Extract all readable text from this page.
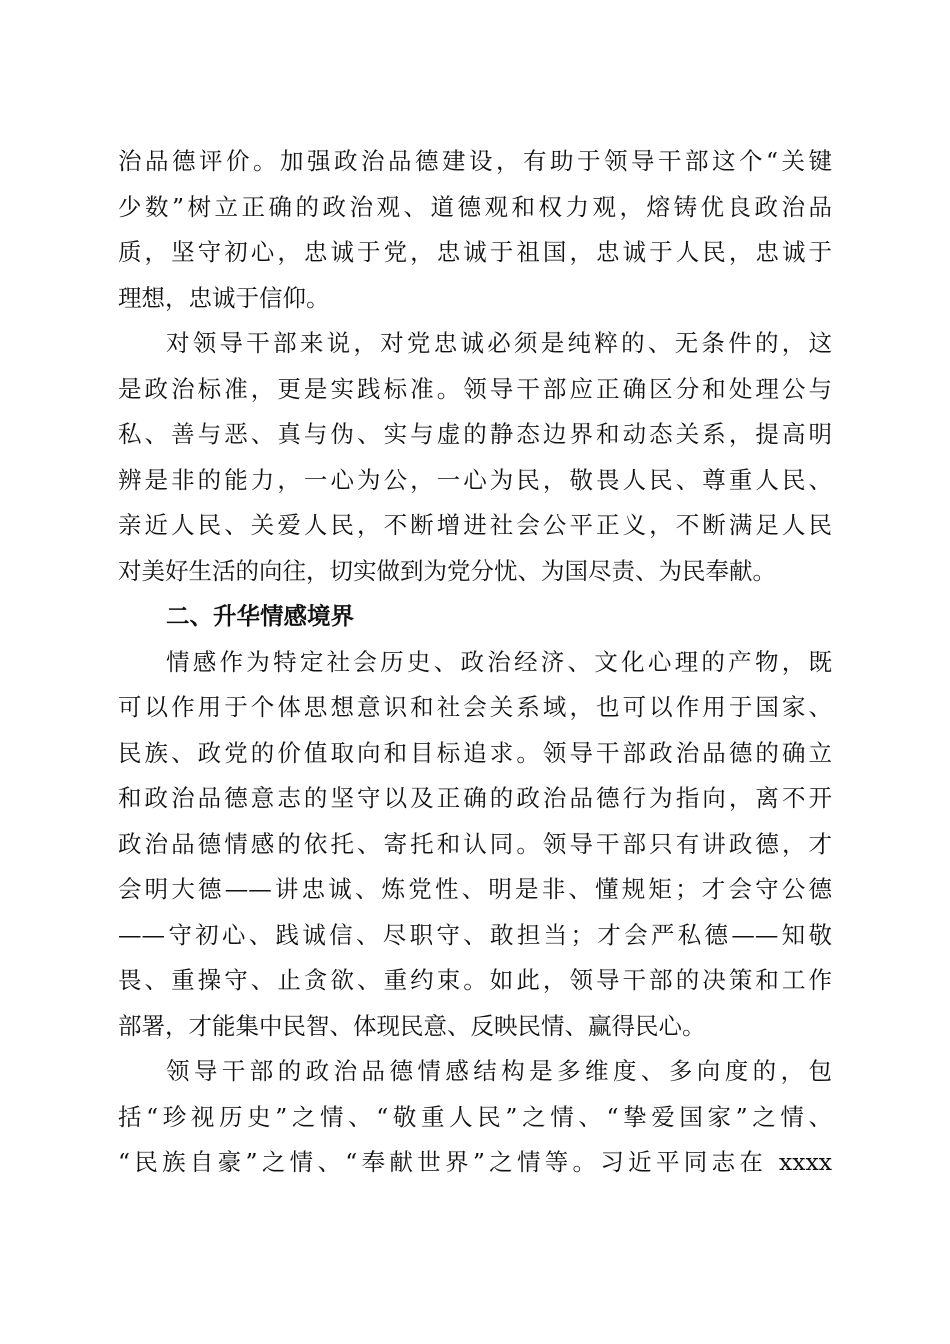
治品德评价。加强政治品德建设，有助于领导干部这个“关键
少数”树立正确的政治观、道德观和权力观，熔铸优良政治品
质，坚守初心，忠诚于党，忠诚于祖国，忠诚于人民，忠诚于
理想，忠诚于信仰。
对领导干部来说，对党忠诚必须是纯粹的、无条件的，这
是政治标准，更是实践标准。领导干部应正确区分和处理公与
私、善与恶、真与伪、实与虚的静态边界和动态关系，提高明
辨是非的能力，一心为公，一心为民，敬畏人民、尊重人民、
亲近人民、关爱人民，不断增进社会公平正义，不断满足人民
对美好生活的向往，切实做到为党分忧、为国尽责、为民奉献。
二、升华情感境界
情感作为特定社会历史、政治经济、文化心理的产物，既
可以作用于个体思想意识和社会关系域，也可以作用于国家、
民族、政党的价值取向和目标追求。领导干部政治品德的确立
和政治品德意志的坚守以及正确的政治品德行为指向，离不开
政治品德情感的依托、寄托和认同。领导干部只有讲政德，才
会明大德——讲忠诚、炼党性、明是非、懂规矩；才会守公德
——守初心、践诚信、尽职守、敢担当；才会严私德——知敬
畏、重操守、止贪欲、重约束。如此，领导干部的决策和工作
部署，才能集中民智、体现民意、反映民情、赢得民心。
领导干部的政治品德情感结构是多维度、多向度的，包
括“珍视历史”之情、“敬重人民”之情、“挚爱国家”之情、
“民族自豪”之情、“奉献世界”之情等。习近平同志在 xxxx
